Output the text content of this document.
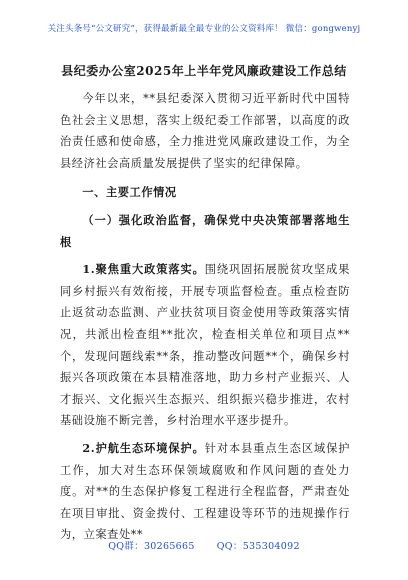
关注头条号“公文研究”，获得最新最全最专业的公文资料库！ 微信：gongwenyj
县纪委办公室2025年上半年党风廉政建设工作总结

今年以来，**县纪委深入贯彻习近平新时代中国特色社会主义思想，落实上级纪委工作部署，以高度的政治责任感和使命感，全力推进党风廉政建设工作，为全县经济社会高质量发展提供了坚实的纪律保障。

一、主要工作情况

（一）强化政治监督，确保党中央决策部署落地生根

1.聚焦重大政策落实。围绕巩固拓展脱贫攻坚成果同乡村振兴有效衔接，开展专项监督检查。重点检查防止返贫动态监测、产业扶贫项目资金使用等政策落实情况，共派出检查组**批次，检查相关单位和项目点**个，发现问题线索**条，推动整改问题**个，确保乡村振兴各项政策在本县精准落地，助力乡村产业振兴、人才振兴、文化振兴生态振兴、组织振兴稳步推进，农村基础设施不断完善，乡村治理水平逐步提升。

2.护航生态环境保护。针对本县重点生态区域保护工作，加大对生态环保领域腐败和作风问题的查处力度。对**的生态保护修复工程进行全程监督，严肃查处在项目审批、资金拨付、工程建设等环节的违规操作行为，立案查处**

QQ群：30265665 QQ：535304092
